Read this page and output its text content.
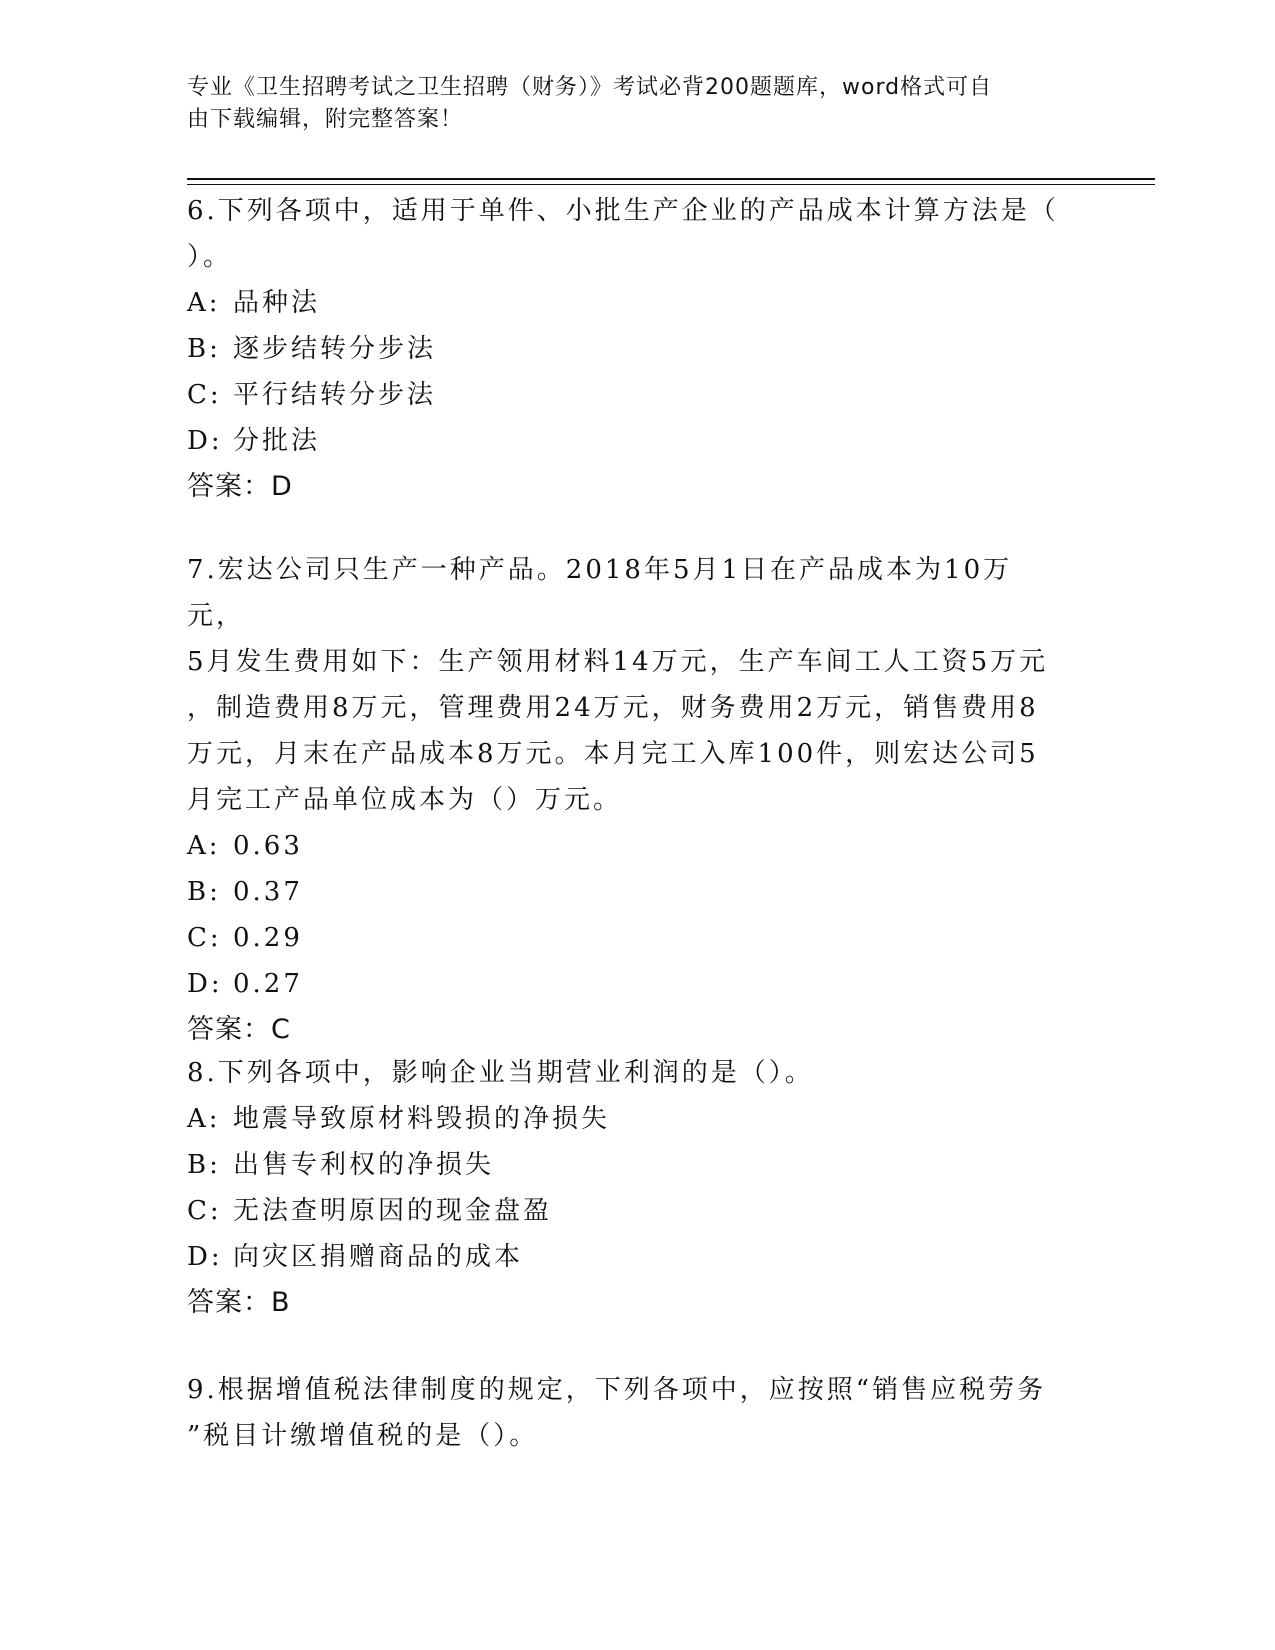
专业《卫生招聘考试之卫生招聘（财务）》考试必背200题题库，word格式可自
由下载编辑，附完整答案！
6.下列各项中，适用于单件、小批生产企业的产品成本计算方法是（
）。
A: 品种法
B: 逐步结转分步法
C: 平行结转分步法
D: 分批法
答案：D
7.宏达公司只生产一种产品。2018年5月1日在产品成本为10万元，
5月发生费用如下：生产领用材料14万元，生产车间工人工资5万元
，制造费用8万元，管理费用24万元，财务费用2万元，销售费用8
万元，月末在产品成本8万元。本月完工入库100件，则宏达公司5
月完工产品单位成本为（）万元。
A: 0.63
B: 0.37
C: 0.29
D: 0.27
答案：C
8.下列各项中，影响企业当期营业利润的是（）。
A: 地震导致原材料毁损的净损失
B: 出售专利权的净损失
C: 无法查明原因的现金盘盈
D: 向灾区捐赠商品的成本
答案：B
9.根据增值税法律制度的规定，下列各项中，应按照“销售应税劳务
”税目计缴增值税的是（）。
